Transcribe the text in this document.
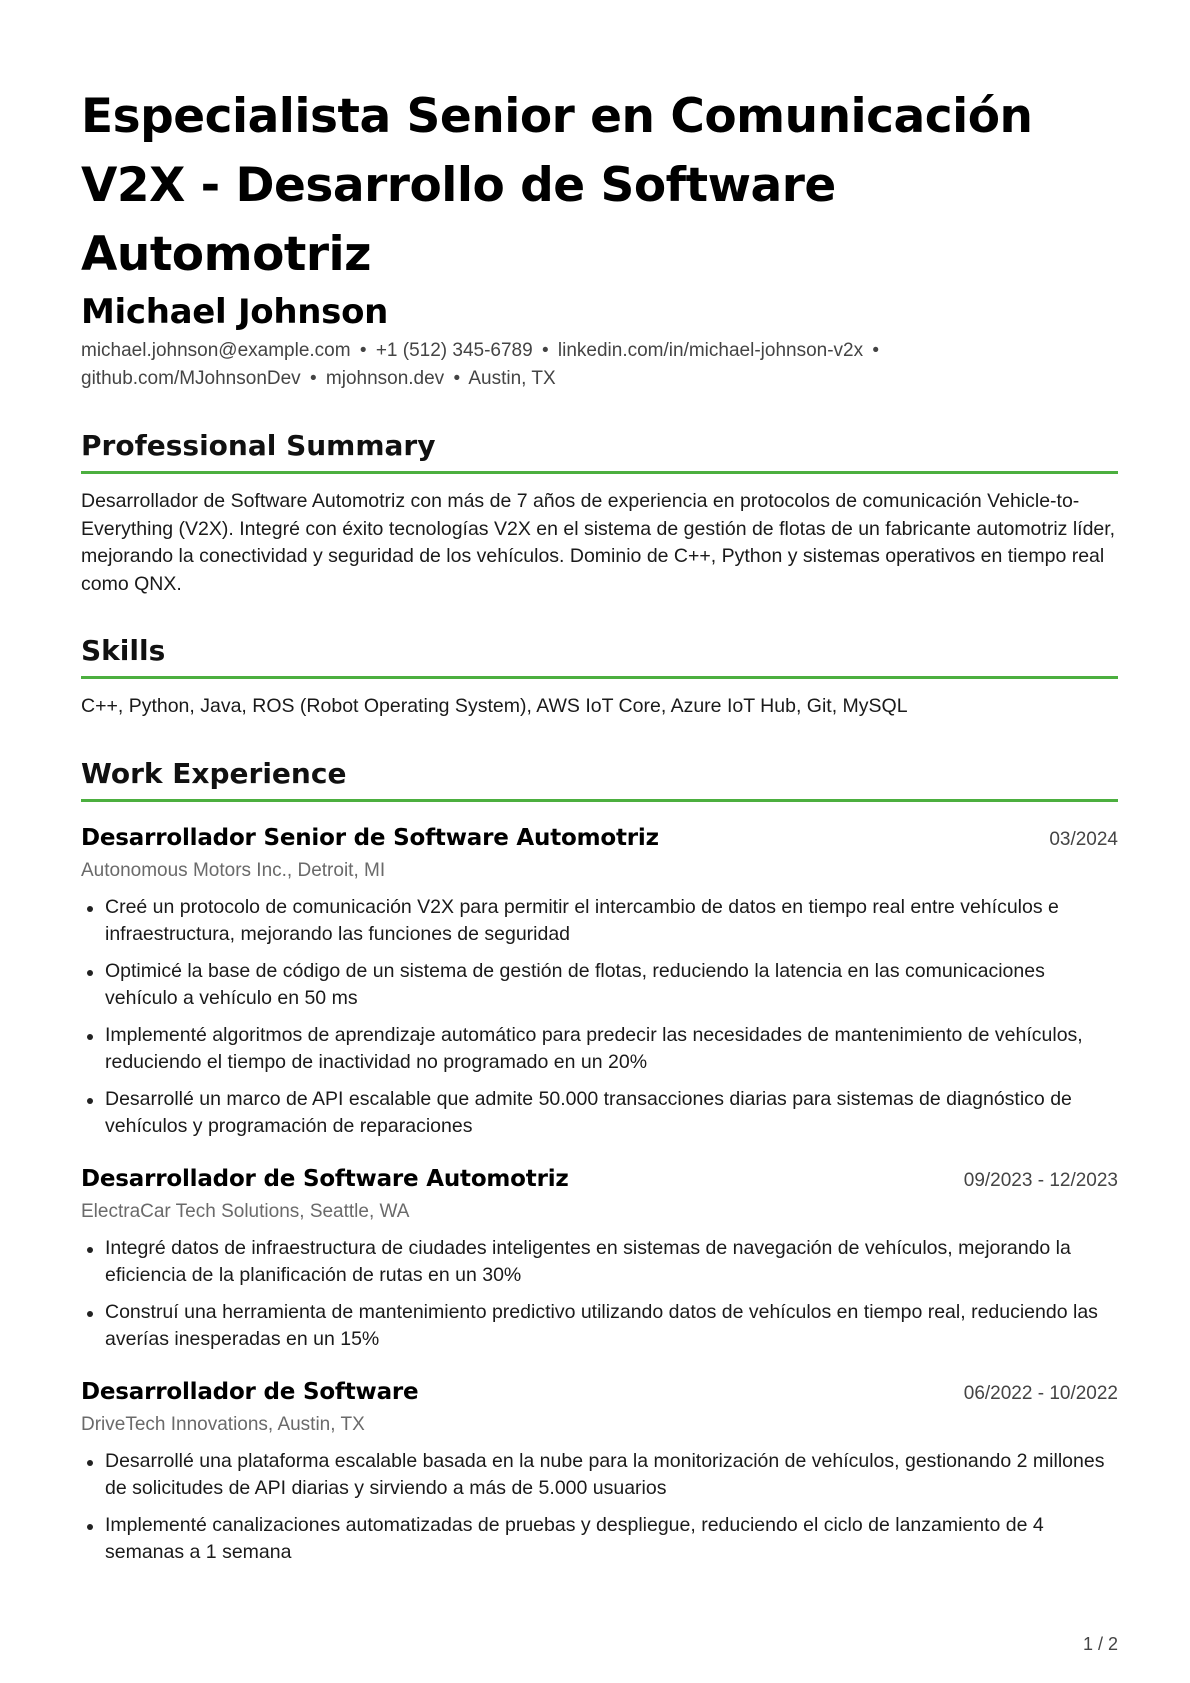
Especialista Senior en Comunicación
V2X - Desarrollo de Software Automotriz
Michael Johnson
michael.johnson@example.com • +1 (512) 345-6789 • linkedin.com/in/michael-johnson-v2x •
github.com/MJohnsonDev • mjohnson.dev • Austin, TX
Professional Summary

Desarrollador de Software Automotriz con más de 7 años de experiencia en protocolos de comunicación Vehicle-to-Everything (V2X). Integré con éxito tecnologías V2X en el sistema de gestión de flotas de un fabricante automotriz líder, mejorando la conectividad y seguridad de los vehículos. Dominio de C++, Python y sistemas operativos en tiempo real como QNX.

Skills

C++, Python, Java, ROS (Robot Operating System), AWS IoT Core, Azure IoT Hub, Git, MySQL

Work Experience
Desarrollador Senior de Software Automotriz	03/2024
Autonomous Motors Inc., Detroit, MI
Creé un protocolo de comunicación V2X para permitir el intercambio de datos en tiempo real entre vehículos e infraestructura, mejorando las funciones de seguridad
Optimicé la base de código de un sistema de gestión de flotas, reduciendo la latencia en las comunicaciones vehículo a vehículo en 50 ms
Implementé algoritmos de aprendizaje automático para predecir las necesidades de mantenimiento de vehículos, reduciendo el tiempo de inactividad no programado en un 20%
Desarrollé un marco de API escalable que admite 50.000 transacciones diarias para sistemas de diagnóstico de vehículos y programación de reparaciones
Desarrollador de Software Automotriz	09/2023 - 12/2023
ElectraCar Tech Solutions, Seattle, WA
Integré datos de infraestructura de ciudades inteligentes en sistemas de navegación de vehículos, mejorando la eficiencia de la planificación de rutas en un 30%
Construí una herramienta de mantenimiento predictivo utilizando datos de vehículos en tiempo real, reduciendo las averías inesperadas en un 15%
Desarrollador de Software	06/2022 - 10/2022
DriveTech Innovations, Austin, TX
Desarrollé una plataforma escalable basada en la nube para la monitorización de vehículos, gestionando 2 millones de solicitudes de API diarias y sirviendo a más de 5.000 usuarios
Implementé canalizaciones automatizadas de pruebas y despliegue, reduciendo el ciclo de lanzamiento de 4 semanas a 1 semana
1 / 2
